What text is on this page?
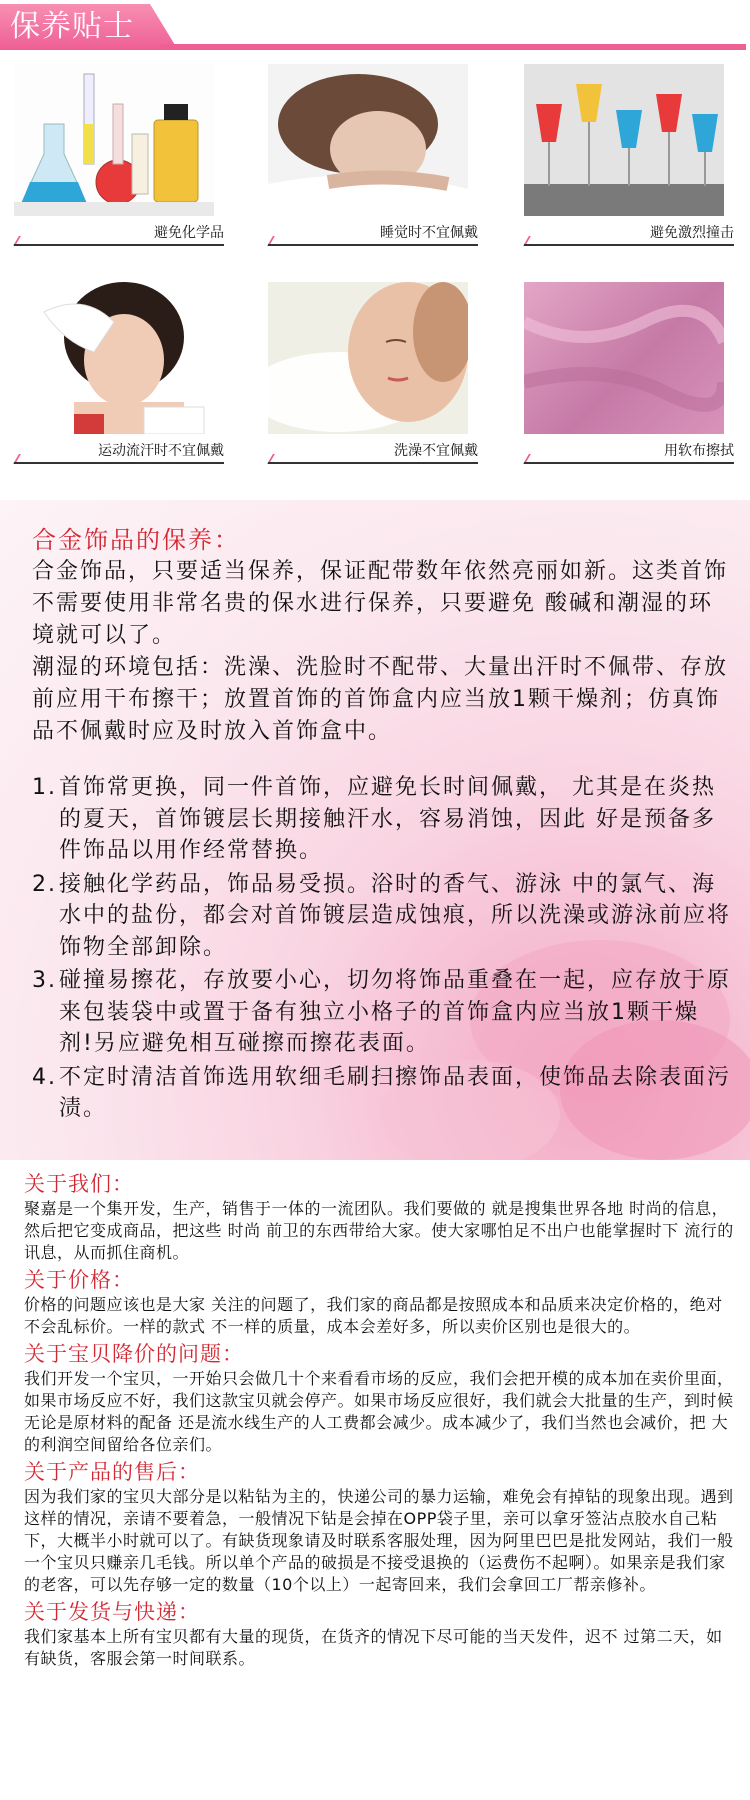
保养贴士
避免化学品	睡觉时不宜佩戴	避免激烈撞击
运动流汗时不宜佩戴	洗澡不宜佩戴	用软布擦拭
合金饰品的保养：
合金饰品，只要适当保养，保证配带数年依然亮丽如新。这类首饰不需要使用非常名贵的保水进行保养，只要避免 酸碱和潮湿的环境就可以了。
潮湿的环境包括：洗澡、洗脸时不配带、大量出汗时不佩带、存放前应用干布擦干；放置首饰的首饰盒内应当放1颗干燥剂；仿真饰品不佩戴时应及时放入首饰盒中。
1. 首饰常更换，同一件首饰，应避免长时间佩戴， 尤其是在炎热的夏天，首饰镀层长期接触汗水，容易消蚀，因此 好是预备多件饰品以用作经常替换。
2. 接触化学药品，饰品易受损。浴时的香气、游泳 中的氯气、海水中的盐份，都会对首饰镀层造成蚀痕，所以洗澡或游泳前应将饰物全部卸除。
3. 碰撞易擦花，存放要小心，切勿将饰品重叠在一起，应存放于原来包装袋中或置于备有独立小格子的首饰盒内应当放1颗干燥剂!另应避免相互碰擦而擦花表面。
4. 不定时清洁首饰选用软细毛刷扫擦饰品表面，使饰品去除表面污渍。
关于我们：
聚嘉是一个集开发，生产，销售于一体的一流团队。我们要做的 就是搜集世界各地 时尚的信息，然后把它变成商品，把这些 时尚 前卫的东西带给大家。使大家哪怕足不出户也能掌握时下 流行的讯息，从而抓住商机。
关于价格：
价格的问题应该也是大家 关注的问题了，我们家的商品都是按照成本和品质来决定价格的，绝对不会乱标价。一样的款式 不一样的质量，成本会差好多，所以卖价区别也是很大的。
关于宝贝降价的问题：
我们开发一个宝贝，一开始只会做几十个来看看市场的反应，我们会把开模的成本加在卖价里面，如果市场反应不好，我们这款宝贝就会停产。如果市场反应很好，我们就会大批量的生产，到时候无论是原材料的配备 还是流水线生产的人工费都会减少。成本减少了，我们当然也会减价，把 大的利润空间留给各位亲们。
关于产品的售后：
因为我们家的宝贝大部分是以粘钻为主的，快递公司的暴力运输，难免会有掉钻的现象出现。遇到这样的情况，亲请不要着急，一般情况下钻是会掉在OPP袋子里，亲可以拿牙签沾点胶水自己粘下，大概半小时就可以了。有缺货现象请及时联系客服处理，因为阿里巴巴是批发网站，我们一般一个宝贝只赚亲几毛钱。所以单个产品的破损是不接受退换的（运费伤不起啊）。如果亲是我们家的老客，可以先存够一定的数量（10个以上）一起寄回来，我们会拿回工厂帮亲修补。
关于发货与快递：
我们家基本上所有宝贝都有大量的现货，在货齐的情况下尽可能的当天发件，迟不 过第二天，如有缺货，客服会第一时间联系。
